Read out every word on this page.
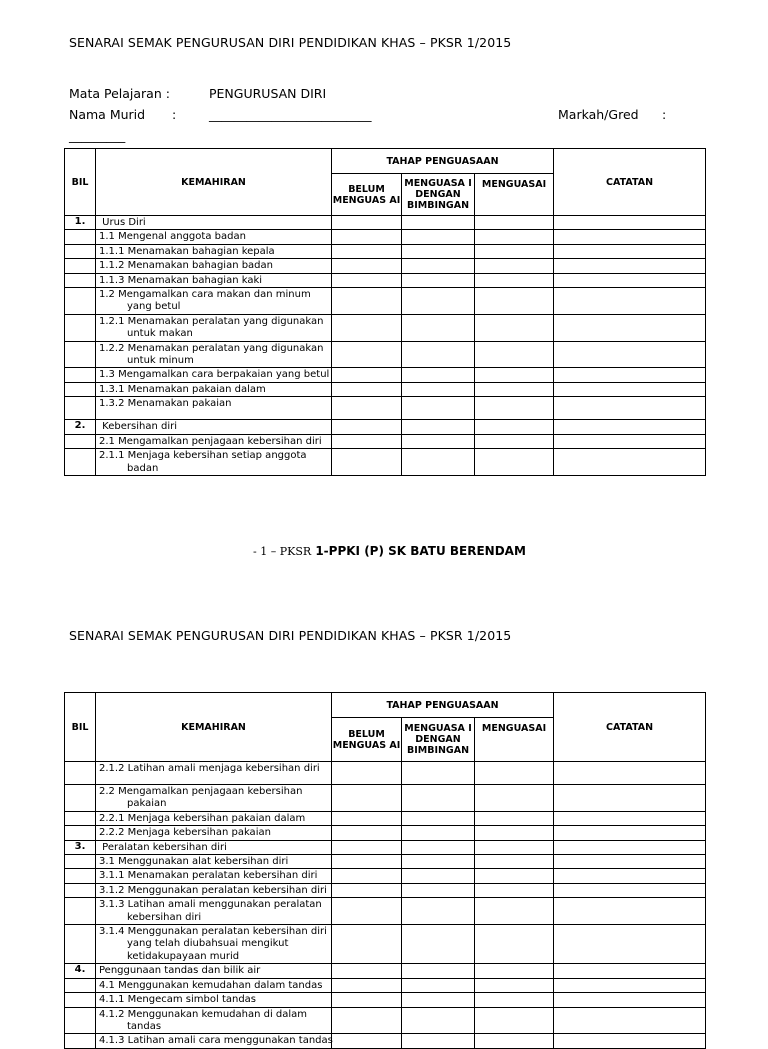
SENARAI SEMAK PENGURUSAN DIRI PENDIDIKAN KHAS – PKSR 1/2015
Mata Pelajaran :	PENGURUSAN DIRI
Nama Murid :	__________________________	Markah/Gred :
_________
BIL	KEMAHIRAN	TAHAP PENGUASAAN			CATATAN
		BELUM MENGUAS AI	MENGUASA I DENGAN BIMBINGAN	MENGUASAI	
1.	Urus Diri				

	1.1 Mengenal anggota badan				

	1.1.1 Menamakan bahagian kepala				

	1.1.2 Menamakan bahagian badan				

	1.1.3 Menamakan bahagian kaki				

	1.2 Mengamalkan cara makan dan minum
yang betul				

	1.2.1 Menamakan peralatan yang digunakan
untuk makan				

	1.2.2 Menamakan peralatan yang digunakan
untuk minum				

	1.3 Mengamalkan cara berpakaian yang betul				

	1.3.1 Menamakan pakaian dalam				

	1.3.2 Menamakan pakaian				

2.	Kebersihan diri				

	2.1 Mengamalkan penjagaan kebersihan diri				

	2.1.1 Menjaga kebersihan setiap anggota
badan				

- 1 – PKSR 1-PPKI (P) SK BATU BERENDAM
SENARAI SEMAK PENGURUSAN DIRI PENDIDIKAN KHAS – PKSR 1/2015
BIL	KEMAHIRAN	TAHAP PENGUASAAN			CATATAN
		BELUM MENGUAS AI	MENGUASA I DENGAN BIMBINGAN	MENGUASAI	

	2.1.2 Latihan amali menjaga kebersihan diri				

	2.2 Mengamalkan penjagaan kebersihan
pakaian				

	2.2.1 Menjaga kebersihan pakaian dalam				

	2.2.2 Menjaga kebersihan pakaian				

3.	Peralatan kebersihan diri				

	3.1 Menggunakan alat kebersihan diri				

	3.1.1 Menamakan peralatan kebersihan diri				

	3.1.2 Menggunakan peralatan kebersihan diri				

	3.1.3 Latihan amali menggunakan peralatan
kebersihan diri				

	3.1.4 Menggunakan peralatan kebersihan diri
yang telah diubahsuai mengikut
ketidakupayaan murid				

4.	Penggunaan tandas dan bilik air				

	4.1 Menggunakan kemudahan dalam tandas				

	4.1.1 Mengecam simbol tandas				

	4.1.2 Menggunakan kemudahan di dalam
tandas				

	4.1.3 Latihan amali cara menggunakan tandas				
